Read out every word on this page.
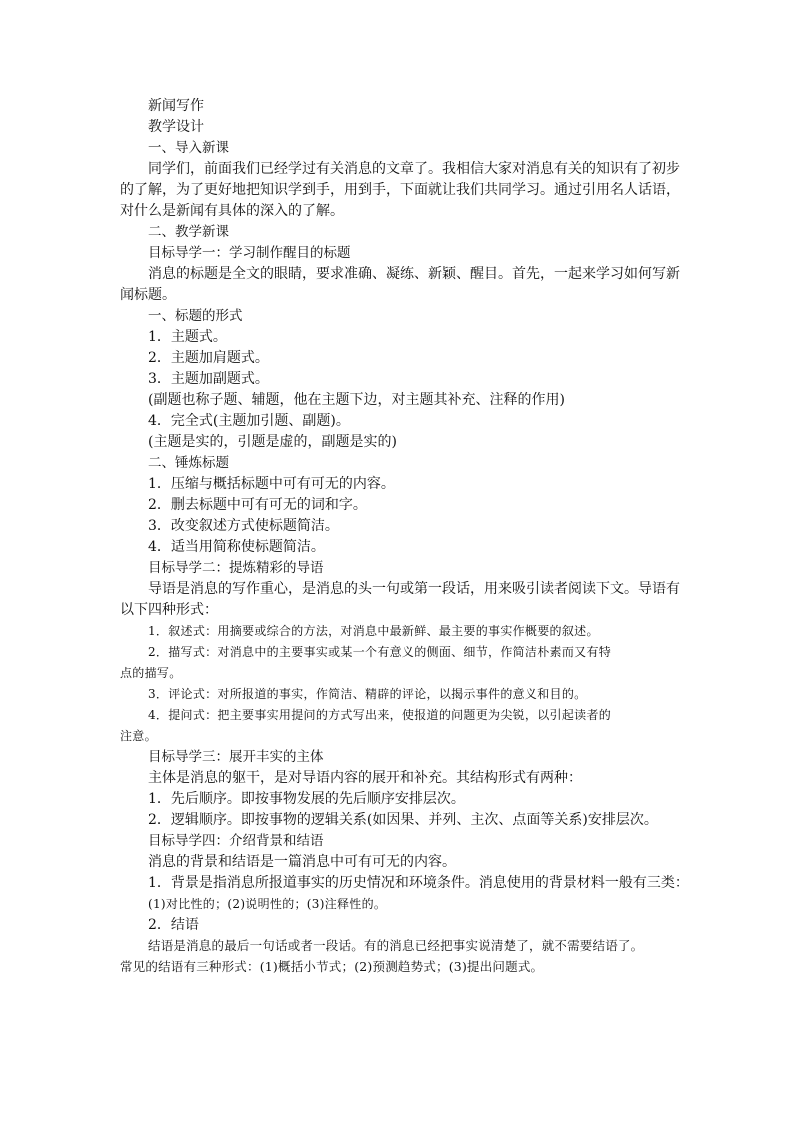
新闻写作
教学设计
一、导入新课
同学们，前面我们已经学过有关消息的文章了。我相信大家对消息有关的知识有了初步
的了解，为了更好地把知识学到手，用到手，下面就让我们共同学习。通过引用名人话语，
对什么是新闻有具体的深入的了解。
二、教学新课
目标导学一：学习制作醒目的标题
消息的标题是全文的眼睛，要求准确、凝练、新颖、醒目。首先，一起来学习如何写新
闻标题。
一、标题的形式
1．主题式。
2．主题加肩题式。
3．主题加副题式。
(副题也称子题、辅题，他在主题下边，对主题其补充、注释的作用)
4．完全式(主题加引题、副题)。
(主题是实的，引题是虚的，副题是实的)
二、锤炼标题
1．压缩与概括标题中可有可无的内容。
2．删去标题中可有可无的词和字。
3．改变叙述方式使标题简洁。
4．适当用简称使标题简洁。
目标导学二：提炼精彩的导语
导语是消息的写作重心，是消息的头一句或第一段话，用来吸引读者阅读下文。导语有
以下四种形式：
1．叙述式：用摘要或综合的方法，对消息中最新鲜、最主要的事实作概要的叙述。
2．描写式：对消息中的主要事实或某一个有意义的侧面、细节，作简洁朴素而又有特
点的描写。
3．评论式：对所报道的事实，作简洁、精辟的评论，以揭示事件的意义和目的。
4．提问式：把主要事实用提问的方式写出来，使报道的问题更为尖锐，以引起读者的
注意。
目标导学三：展开丰实的主体
主体是消息的躯干，是对导语内容的展开和补充。其结构形式有两种：
1．先后顺序。即按事物发展的先后顺序安排层次。
2．逻辑顺序。即按事物的逻辑关系(如因果、并列、主次、点面等关系)安排层次。
目标导学四：介绍背景和结语
消息的背景和结语是一篇消息中可有可无的内容。
1．背景是指消息所报道事实的历史情况和环境条件。消息使用的背景材料一般有三类：
(1)对比性的；(2)说明性的；(3)注释性的。
2．结语
结语是消息的最后一句话或者一段话。有的消息已经把事实说清楚了，就不需要结语了。
常见的结语有三种形式：(1)概括小节式；(2)预测趋势式；(3)提出问题式。
